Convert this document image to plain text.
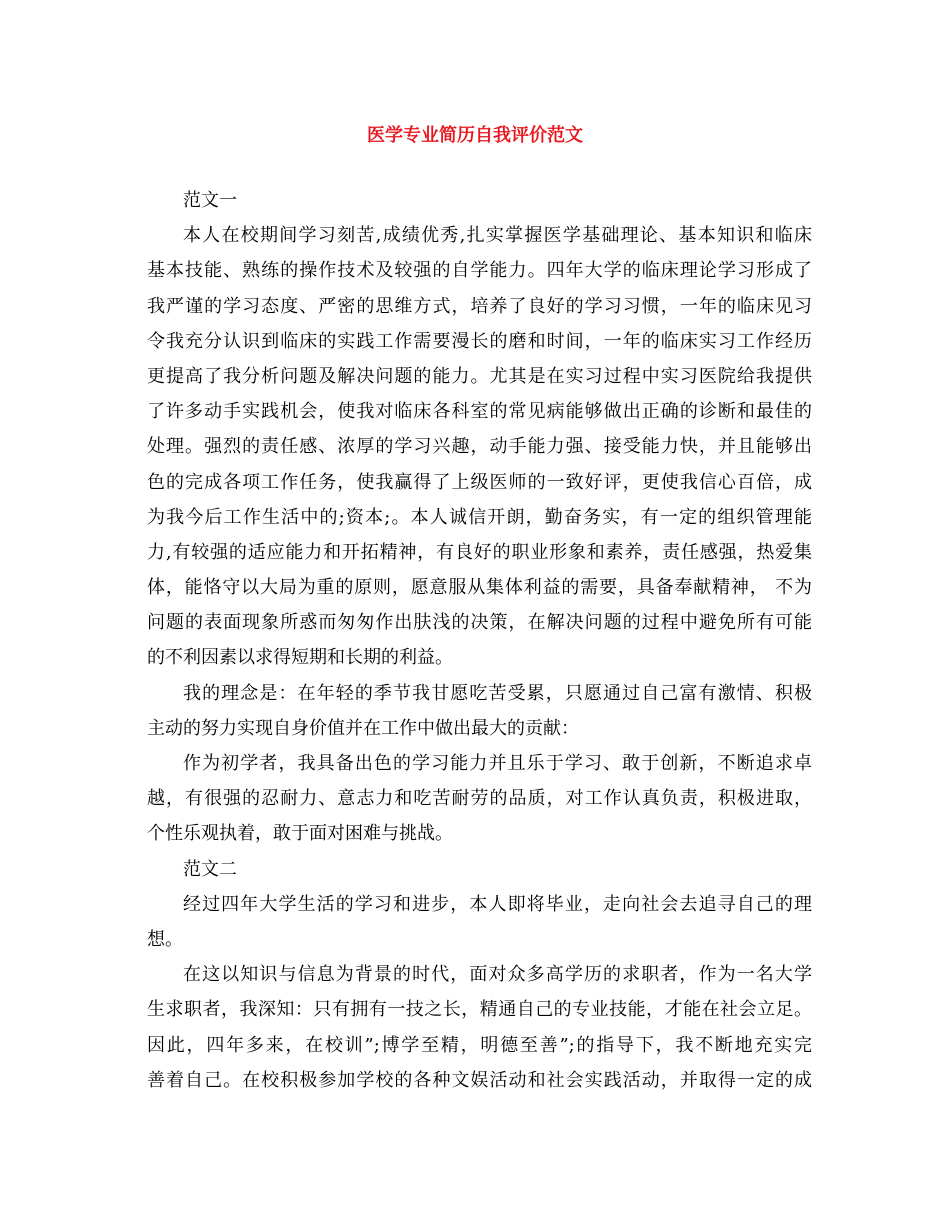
医学专业简历自我评价范文
范文一
本人在校期间学习刻苦,成绩优秀,扎实掌握医学基础理论、基本知识和临床
基本技能、熟练的操作技术及较强的自学能力。四年大学的临床理论学习形成了
我严谨的学习态度、严密的思维方式，培养了良好的学习习惯，一年的临床见习
令我充分认识到临床的实践工作需要漫长的磨和时间，一年的临床实习工作经历
更提高了我分析问题及解决问题的能力。尤其是在实习过程中实习医院给我提供
了许多动手实践机会，使我对临床各科室的常见病能够做出正确的诊断和最佳的
处理。强烈的责任感、浓厚的学习兴趣，动手能力强、接受能力快，并且能够出
色的完成各项工作任务，使我赢得了上级医师的一致好评，更使我信心百倍，成
为我今后工作生活中的;资本;。本人诚信开朗，勤奋务实，有一定的组织管理能
力,有较强的适应能力和开拓精神，有良好的职业形象和素养，责任感强，热爱集
体，能恪守以大局为重的原则，愿意服从集体利益的需要，具备奉献精神， 不为
问题的表面现象所惑而匆匆作出肤浅的决策，在解决问题的过程中避免所有可能
的不利因素以求得短期和长期的利益。
我的理念是：在年轻的季节我甘愿吃苦受累，只愿通过自己富有激情、积极
主动的努力实现自身价值并在工作中做出最大的贡献：
作为初学者，我具备出色的学习能力并且乐于学习、敢于创新，不断追求卓
越，有很强的忍耐力、意志力和吃苦耐劳的品质，对工作认真负责，积极进取，
个性乐观执着，敢于面对困难与挑战。
范文二
经过四年大学生活的学习和进步，本人即将毕业，走向社会去追寻自己的理
想。
在这以知识与信息为背景的时代，面对众多高学历的求职者，作为一名大学
生求职者，我深知：只有拥有一技之长，精通自己的专业技能，才能在社会立足。
因此，四年多来，在校训”;博学至精，明德至善”;的指导下，我不断地充实完
善着自己。在校积极参加学校的各种文娱活动和社会实践活动，并取得一定的成
